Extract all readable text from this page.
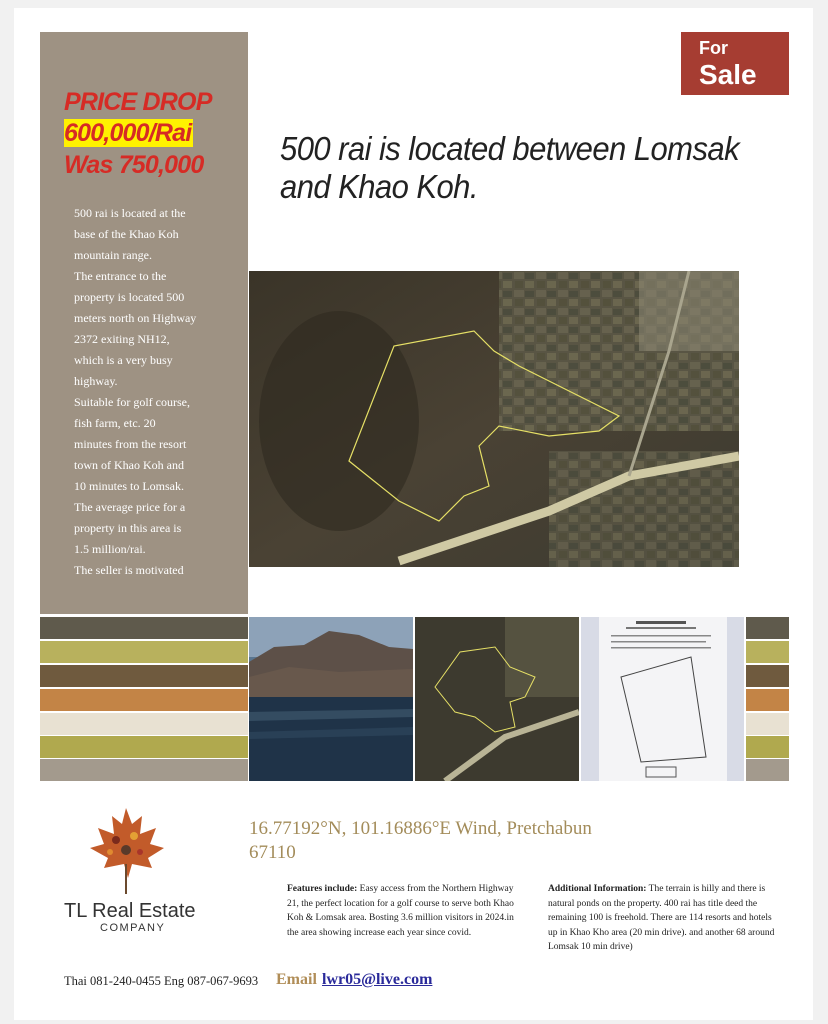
PRICE DROP
600,000/Rai
Was 750,000
500 rai is located at the
base of the Khao Koh
mountain range.
The entrance to the
property is located 500
meters north on Highway
2372 exiting NH12,
which is a very busy
highway.
Suitable for golf course,
fish farm, etc. 20
minutes from the resort
town of Khao Koh and
10 minutes to Lomsak.
The average price for a
property in this area is
1.5 million/rai.
The seller is motivated
For
Sale
500 rai is located between Lomsak
and Khao Koh.
TL Real Estate
COMPANY
16.77192°N, 101.16886°E Wind, Pretchabun
67110
Features include: Easy access from the Northern Highway 21, the perfect location for a golf course to serve both Khao Koh & Lomsak area. Bosting 3.6 million visitors in 2024.in the area showing increase each year since covid.
Additional Information: The terrain is hilly and there is natural ponds on the property. 400 rai has title deed the remaining 100 is freehold. There are 114 resorts and hotels up in Khao Kho area (20 min drive). and another 68 around Lomsak 10 min drive)
Thai 081-240-0455 Eng 087-067-9693 Email lwr05@live.com
